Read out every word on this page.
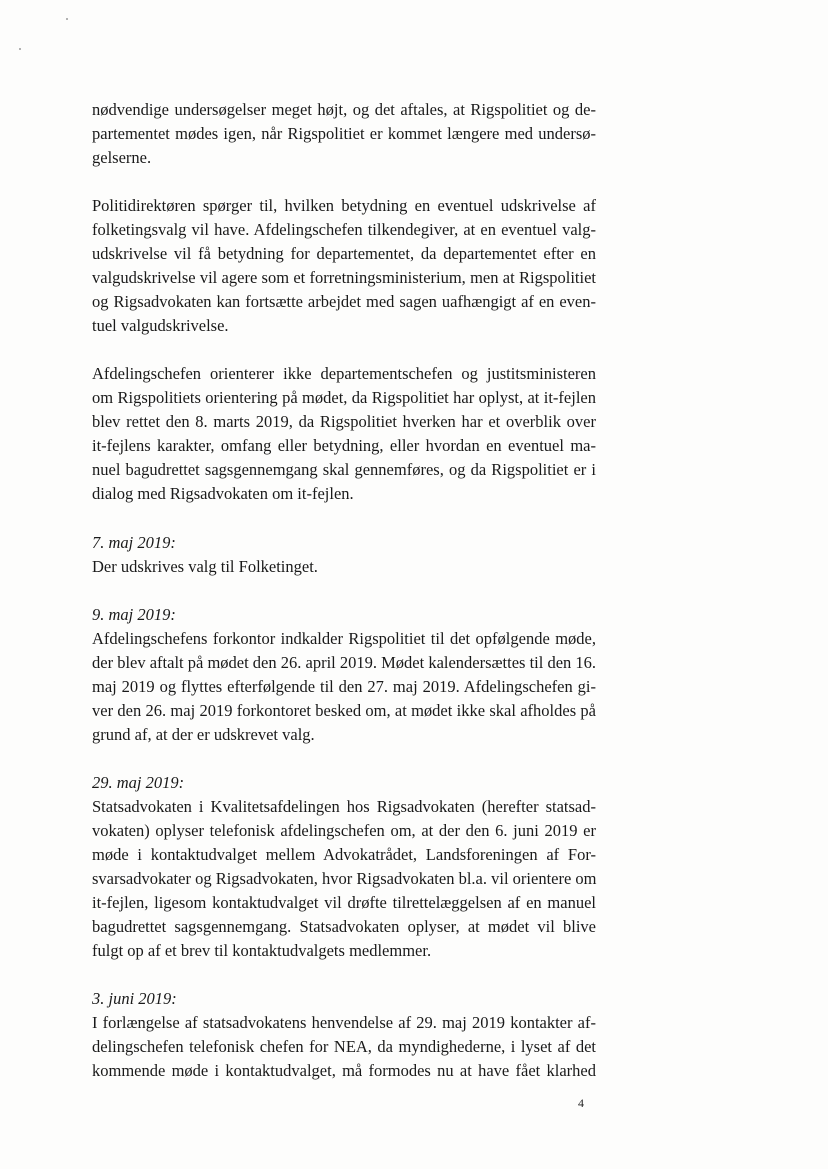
nødvendige undersøgelser meget højt, og det aftales, at Rigspolitiet og de-

partementet mødes igen, når Rigspolitiet er kommet længere med undersø-

gelserne.

Politidirektøren spørger til, hvilken betydning en eventuel udskrivelse af

folketingsvalg vil have. Afdelingschefen tilkendegiver, at en eventuel valg-

udskrivelse vil få betydning for departementet, da departementet efter en

valgudskrivelse vil agere som et forretningsministerium, men at Rigspolitiet

og Rigsadvokaten kan fortsætte arbejdet med sagen uafhængigt af en even-

tuel valgudskrivelse.

Afdelingschefen orienterer ikke departementschefen og justitsministeren

om Rigspolitiets orientering på mødet, da Rigspolitiet har oplyst, at it-fejlen

blev rettet den 8. marts 2019, da Rigspolitiet hverken har et overblik over

it-fejlens karakter, omfang eller betydning, eller hvordan en eventuel ma-

nuel bagudrettet sagsgennemgang skal gennemføres, og da Rigspolitiet er i

dialog med Rigsadvokaten om it-fejlen.

7. maj 2019:

Der udskrives valg til Folketinget.

9. maj 2019:

Afdelingschefens forkontor indkalder Rigspolitiet til det opfølgende møde,

der blev aftalt på mødet den 26. april 2019. Mødet kalendersættes til den 16.

maj 2019 og flyttes efterfølgende til den 27. maj 2019. Afdelingschefen gi-

ver den 26. maj 2019 forkontoret besked om, at mødet ikke skal afholdes på

grund af, at der er udskrevet valg.

29. maj 2019:

Statsadvokaten i Kvalitetsafdelingen hos Rigsadvokaten (herefter statsad-

vokaten) oplyser telefonisk afdelingschefen om, at der den 6. juni 2019 er

møde i kontaktudvalget mellem Advokatrådet, Landsforeningen af For-

svarsadvokater og Rigsadvokaten, hvor Rigsadvokaten bl.a. vil orientere om

it-fejlen, ligesom kontaktudvalget vil drøfte tilrettelæggelsen af en manuel

bagudrettet sagsgennemgang. Statsadvokaten oplyser, at mødet vil blive

fulgt op af et brev til kontaktudvalgets medlemmer.

3. juni 2019:

I forlængelse af statsadvokatens henvendelse af 29. maj 2019 kontakter af-

delingschefen telefonisk chefen for NEA, da myndighederne, i lyset af det

kommende møde i kontaktudvalget, må formodes nu at have fået klarhed

4
